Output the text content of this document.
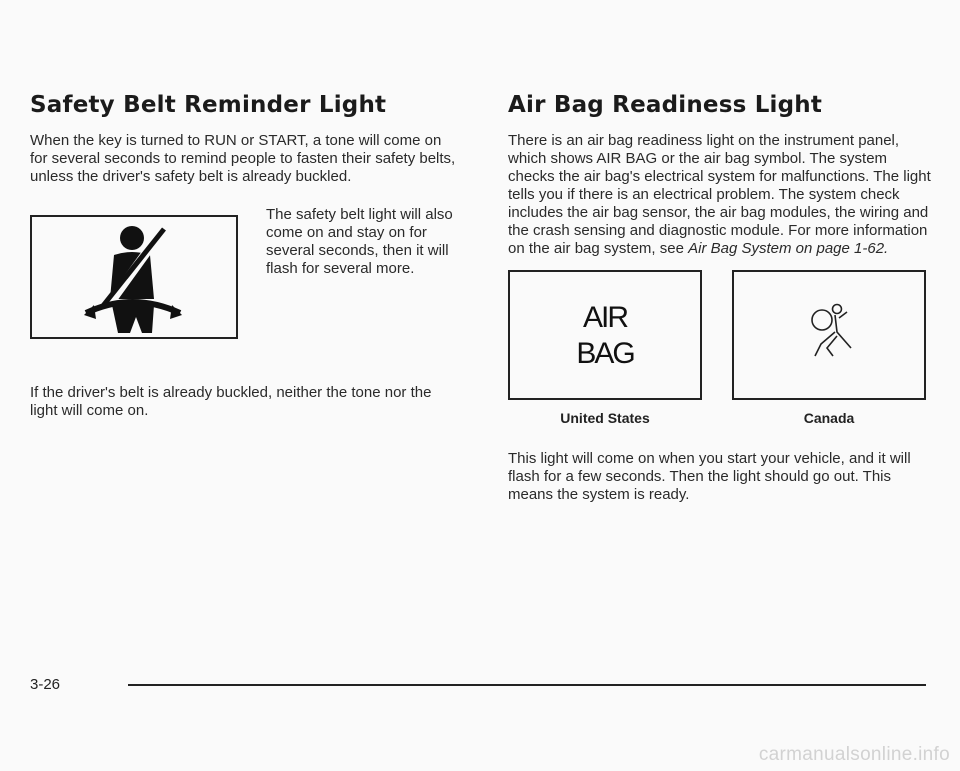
Safety Belt Reminder Light

When the key is turned to RUN or START, a tone will come on for several seconds to remind people to fasten their safety belts, unless the driver's safety belt is already buckled.

The safety belt light will also come on and stay on for several seconds, then it will flash for several more.

If the driver's belt is already buckled, neither the tone nor the light will come on.

Air Bag Readiness Light

There is an air bag readiness light on the instrument panel, which shows AIR BAG or the air bag symbol. The system checks the air bag's electrical system for malfunctions. The light tells you if there is an electrical problem. The system check includes the air bag sensor, the air bag modules, the wiring and the crash sensing and diagnostic module. For more information on the air bag system, see Air Bag System on page 1-62.

AIR
BAG
United States	Canada

This light will come on when you start your vehicle, and it will flash for a few seconds. Then the light should go out. This means the system is ready.

3-26
carmanualsonline.info
